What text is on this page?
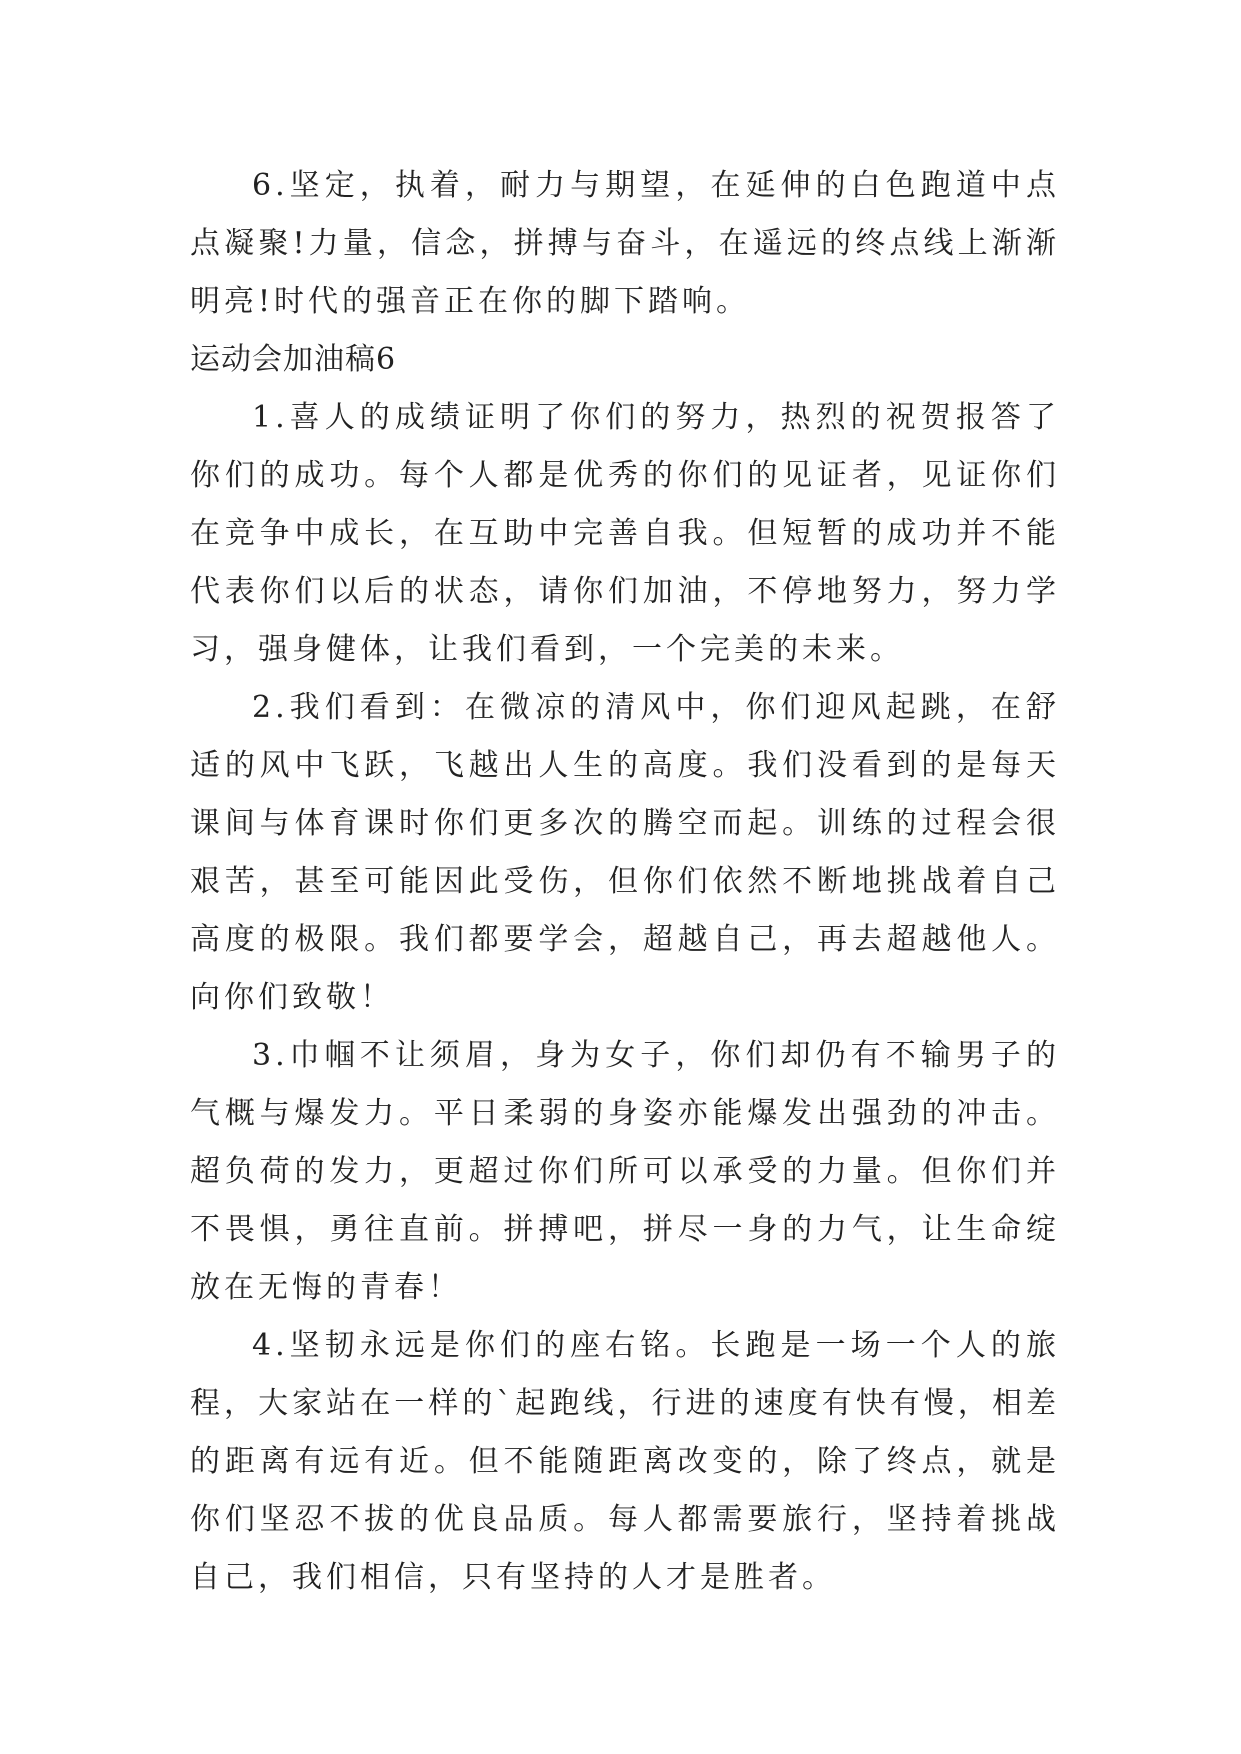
6.坚定，执着，耐力与期望，在延伸的白色跑道中点点凝聚!力量，信念，拼搏与奋斗，在遥远的终点线上渐渐明亮!时代的强音正在你的脚下踏响。

运动会加油稿6

1.喜人的成绩证明了你们的努力，热烈的祝贺报答了你们的成功。每个人都是优秀的你们的见证者，见证你们在竞争中成长，在互助中完善自我。但短暂的成功并不能代表你们以后的状态，请你们加油，不停地努力，努力学习，强身健体，让我们看到，一个完美的未来。

2.我们看到：在微凉的清风中，你们迎风起跳，在舒适的风中飞跃，飞越出人生的高度。我们没看到的是每天课间与体育课时你们更多次的腾空而起。训练的过程会很艰苦，甚至可能因此受伤，但你们依然不断地挑战着自己高度的极限。我们都要学会，超越自己，再去超越他人。向你们致敬！

3.巾帼不让须眉，身为女子，你们却仍有不输男子的气概与爆发力。平日柔弱的身姿亦能爆发出强劲的冲击。超负荷的发力，更超过你们所可以承受的力量。但你们并不畏惧，勇往直前。拼搏吧，拼尽一身的力气，让生命绽放在无悔的青春！

4.坚韧永远是你们的座右铭。长跑是一场一个人的旅程，大家站在一样的`起跑线，行进的速度有快有慢，相差的距离有远有近。但不能随距离改变的，除了终点，就是你们坚忍不拔的优良品质。每人都需要旅行，坚持着挑战自己，我们相信，只有坚持的人才是胜者。
